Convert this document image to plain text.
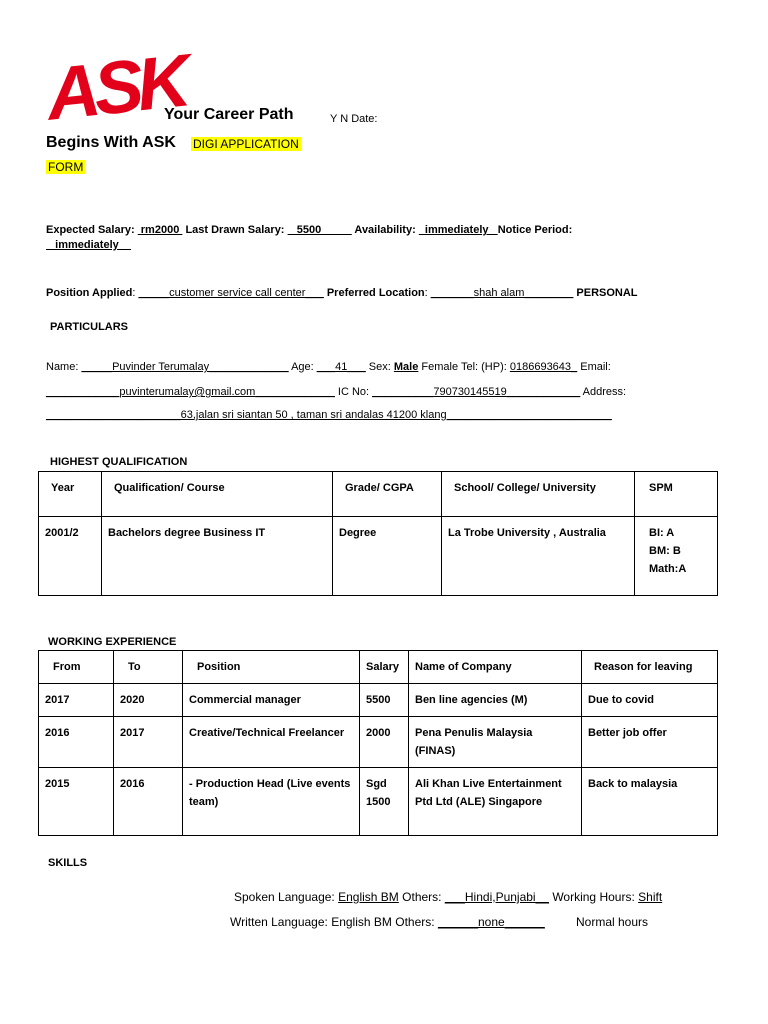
ASK
Your Career Path	Y N Date:
Begins With ASK DIGI APPLICATION
FORM
Expected Salary:  rm2000  Last Drawn Salary:    5500           Availability:   immediately   Notice Period:
immediately
Position Applied: _____customer service call center___ Preferred Location: _______shah alam________ PERSONAL
PARTICULARS
Name: _____Puvinder Terumalay_____________ Age: ___41___ Sex: Male Female Tel: (HP): 0186693643_ Email:
____________puvinterumalay@gmail.com_____________ IC No: __________790730145519____________ Address:
______________________63,jalan sri siantan 50 , taman sri andalas 41200 klang___________________________
HIGHEST QUALIFICATION
Year	Qualification/ Course	Grade/ CGPA	School/ College/ University	SPM
2001/2	Bachelors degree Business IT	Degree	La Trobe University , Australia	BI: A
BM: B
Math:A
WORKING EXPERIENCE
From	To	Position	Salary	Name of Company	Reason for leaving
2017	2020	Commercial manager	5500	Ben line agencies (M)	Due to covid
2016	2017	Creative/Technical Freelancer	2000	Pena Penulis Malaysia (FINAS)	Better job offer
2015	2016	- Production Head (Live events team)	Sgd 1500	Ali Khan Live Entertainment Ptd Ltd (ALE) Singapore	Back to malaysia
SKILLS
Spoken Language: English BM Others: ___Hindi,Punjabi__ Working Hours: Shift
Written Language: English BM Others: ______none______	Normal hours
